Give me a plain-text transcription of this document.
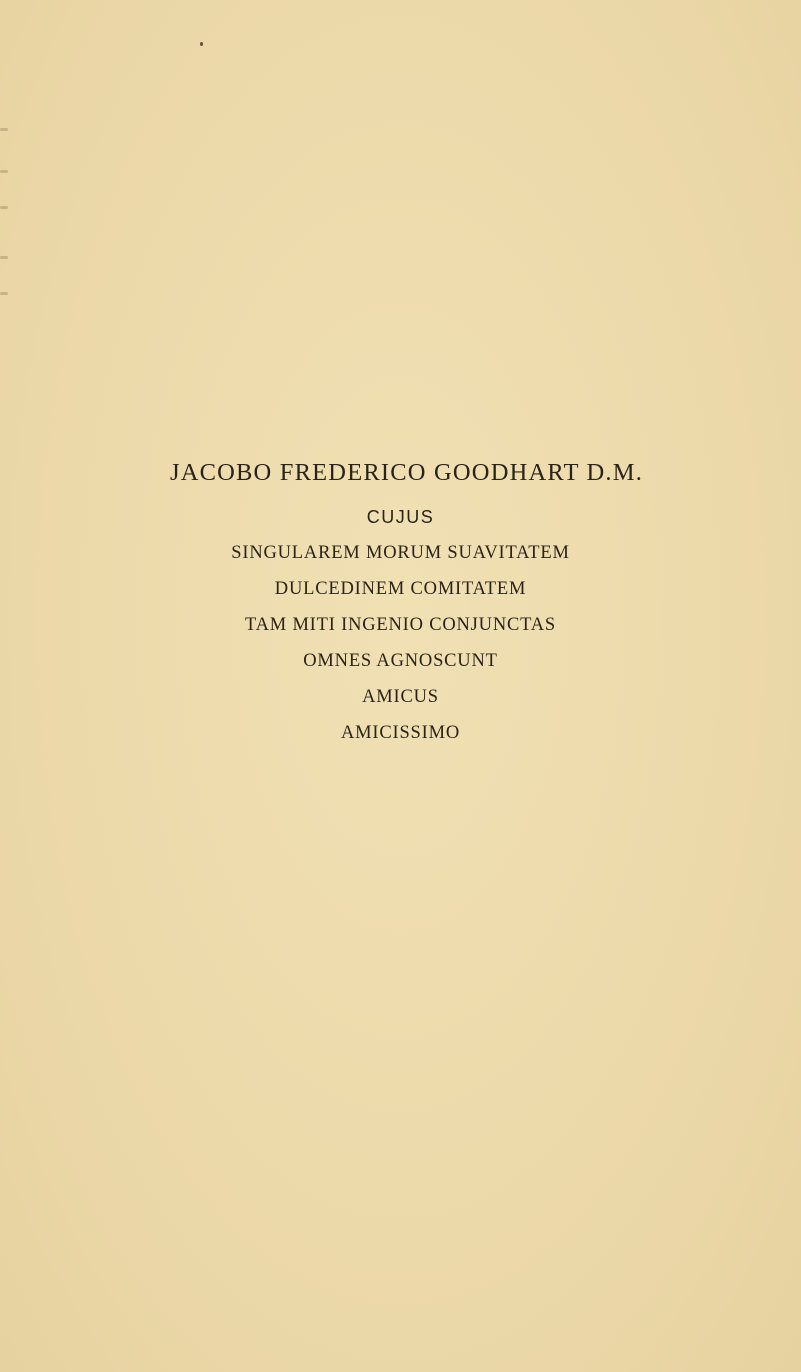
JACOBO FREDERICO GOODHART D.M.
CUJUS
SINGULAREM MORUM SUAVITATEM
DULCEDINEM COMITATEM
TAM MITI INGENIO CONJUNCTAS
OMNES AGNOSCUNT
AMICUS
AMICISSIMO
